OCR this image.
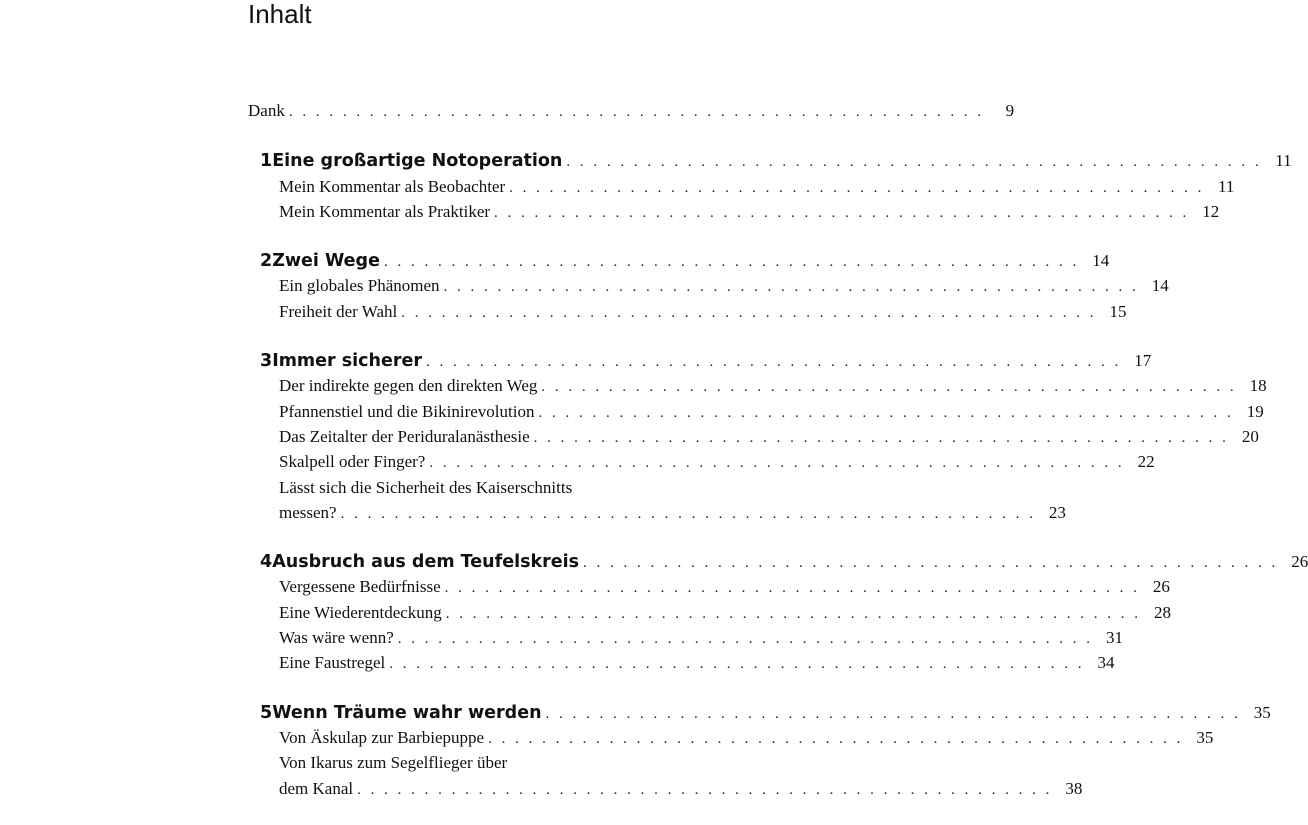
Inhalt
Dank . . . . . . . . . . . . . . . . . . . . . . . . . . . . . . . . . . . . . . . . . . . . . . . . . . . .	9
1 Eine großartige Notoperation . . . . . . . . . . . . . . . . . . . . . . . . . . . . . . . . . . . . . . . . . . . . . . . . . . . . 11
Mein Kommentar als Beobachter . . . . . . . . . . . . . . . . . . . . . . . . . . . . . . . . . . . . . . . . . . . . . . . . . . . . 11
Mein Kommentar als Praktiker . . . . . . . . . . . . . . . . . . . . . . . . . . . . . . . . . . . . . . . . . . . . . . . . . . . . 12
2 Zwei Wege . . . . . . . . . . . . . . . . . . . . . . . . . . . . . . . . . . . . . . . . . . . . . . . . . . . . 14
Ein globales Phänomen . . . . . . . . . . . . . . . . . . . . . . . . . . . . . . . . . . . . . . . . . . . . . . . . . . . . 14
Freiheit der Wahl . . . . . . . . . . . . . . . . . . . . . . . . . . . . . . . . . . . . . . . . . . . . . . . . . . . . 15
3 Immer sicherer . . . . . . . . . . . . . . . . . . . . . . . . . . . . . . . . . . . . . . . . . . . . . . . . . . . . 17
Der indirekte gegen den direkten Weg . . . . . . . . . . . . . . . . . . . . . . . . . . . . . . . . . . . . . . . . . . . . . . . . . . . . 18
Pfannenstiel und die Bikinirevolution . . . . . . . . . . . . . . . . . . . . . . . . . . . . . . . . . . . . . . . . . . . . . . . . . . . . 19
Das Zeitalter der Periduralanästhesie . . . . . . . . . . . . . . . . . . . . . . . . . . . . . . . . . . . . . . . . . . . . . . . . . . . . 20
Skalpell oder Finger? . . . . . . . . . . . . . . . . . . . . . . . . . . . . . . . . . . . . . . . . . . . . . . . . . . . . 22
Lässt sich die Sicherheit des Kaiserschnitts
messen? . . . . . . . . . . . . . . . . . . . . . . . . . . . . . . . . . . . . . . . . . . . . . . . . . . . . 23
4 Ausbruch aus dem Teufelskreis . . . . . . . . . . . . . . . . . . . . . . . . . . . . . . . . . . . . . . . . . . . . . . . . . . . . 26
Vergessene Bedürfnisse . . . . . . . . . . . . . . . . . . . . . . . . . . . . . . . . . . . . . . . . . . . . . . . . . . . . 26
Eine Wiederentdeckung . . . . . . . . . . . . . . . . . . . . . . . . . . . . . . . . . . . . . . . . . . . . . . . . . . . . 28
Was wäre wenn? . . . . . . . . . . . . . . . . . . . . . . . . . . . . . . . . . . . . . . . . . . . . . . . . . . . . 31
Eine Faustregel . . . . . . . . . . . . . . . . . . . . . . . . . . . . . . . . . . . . . . . . . . . . . . . . . . . . 34
5 Wenn Träume wahr werden . . . . . . . . . . . . . . . . . . . . . . . . . . . . . . . . . . . . . . . . . . . . . . . . . . . . 35
Von Äskulap zur Barbiepuppe . . . . . . . . . . . . . . . . . . . . . . . . . . . . . . . . . . . . . . . . . . . . . . . . . . . . 35
Von Ikarus zum Segelflieger über
dem Kanal . . . . . . . . . . . . . . . . . . . . . . . . . . . . . . . . . . . . . . . . . . . . . . . . . . . . 38
